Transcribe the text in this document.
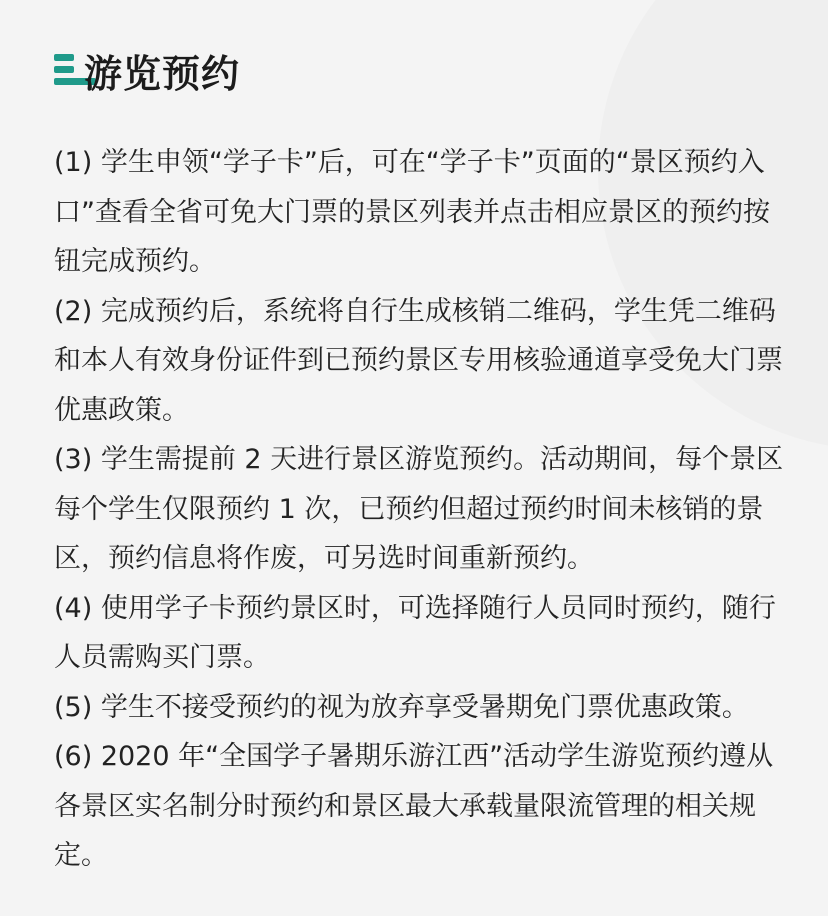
游览预约

(1) 学生申领“学子卡”后，可在“学子卡”页面的“景区预约入口”查看全省可免大门票的景区列表并点击相应景区的预约按钮完成预约。

(2) 完成预约后，系统将自行生成核销二维码，学生凭二维码和本人有效身份证件到已预约景区专用核验通道享受免大门票优惠政策。

(3) 学生需提前 2 天进行景区游览预约。活动期间，每个景区每个学生仅限预约 1 次，已预约但超过预约时间未核销的景区，预约信息将作废，可另选时间重新预约。

(4) 使用学子卡预约景区时，可选择随行人员同时预约，随行人员需购买门票。

(5) 学生不接受预约的视为放弃享受暑期免门票优惠政策。

(6) 2020 年“全国学子暑期乐游江西”活动学生游览预约遵从各景区实名制分时预约和景区最大承载量限流管理的相关规定。
